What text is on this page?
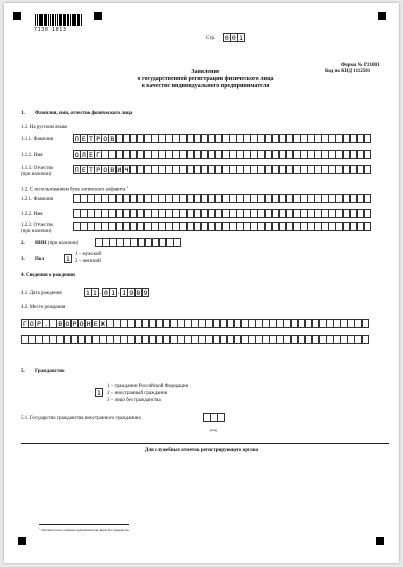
7130 1013
Стр. 0 0 1
Форма № Р21001
Код по КНД 1112501
Заявление
о государственной регистрации физического лица
в качестве индивидуального предпринимателя
1. Фамилия, имя, отчество физического лица
1.1. На русском языке
1.1.1. Фамилия	П Е Т Р О В
1.1.2. Имя	О Л Е Г
1.1.3. Отчество
(при наличии)
П Е Т Р О В И Ч
1.2. С использованием букв латинского алфавита $^1$
1.2.1. Фамилия
1.2.2. Имя
1.2.3. Отчество
(при наличии)
2. ИНН (при наличии)
3. Пол	1
1 – мужской
2 – женский
4. Сведения о рождении
4.1. Дата рождения	1 1 . 0 1 . 1 9 8 9
4.2. Место рождения
Г О Р . В О Р О Н Е Ж
5. Гражданство
1
1 – гражданин Российской Федерации
2 – иностранный гражданин
3 – лицо без гражданства
5.1. Государство гражданства иностранного гражданина
(код)
Для служебных отметок регистрирующего органа
$^1$ Заполняется иностранным гражданином или лицом без гражданства.
